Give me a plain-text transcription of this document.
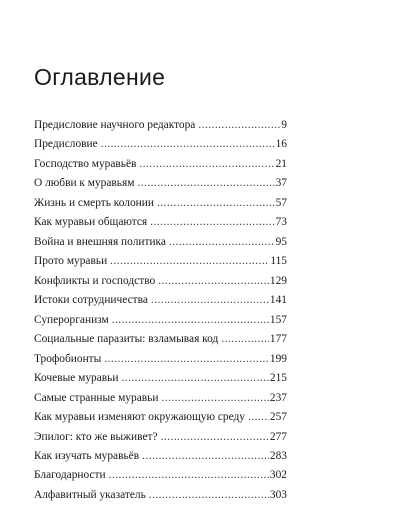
Оглавление
Предисловие научного редактора . . .	9
Предисловие . . .	16
Господство муравьёв . . .	21
О любви к муравьям . . .	37
Жизнь и смерть колонии . . .	57
Как муравьи общаются . . .	73
Война и внешняя политика . . .	95
Прото муравьи . . .	115
Конфликты и господство . . .	129
Истоки сотрудничества . . .	141
Суперорганизм . . .	157
Социальные паразиты: взламывая код . . .	177
Трофобионты . . .	199
Кочевые муравьи . . .	215
Самые странные муравьи . . .	237
Как муравьи изменяют окружающую среду . . . 257
Эпилог: кто же выживет? . . .	277
Как изучать муравьёв . . .	283
Благодарности . . .	302
Алфавитный указатель . . .	303
